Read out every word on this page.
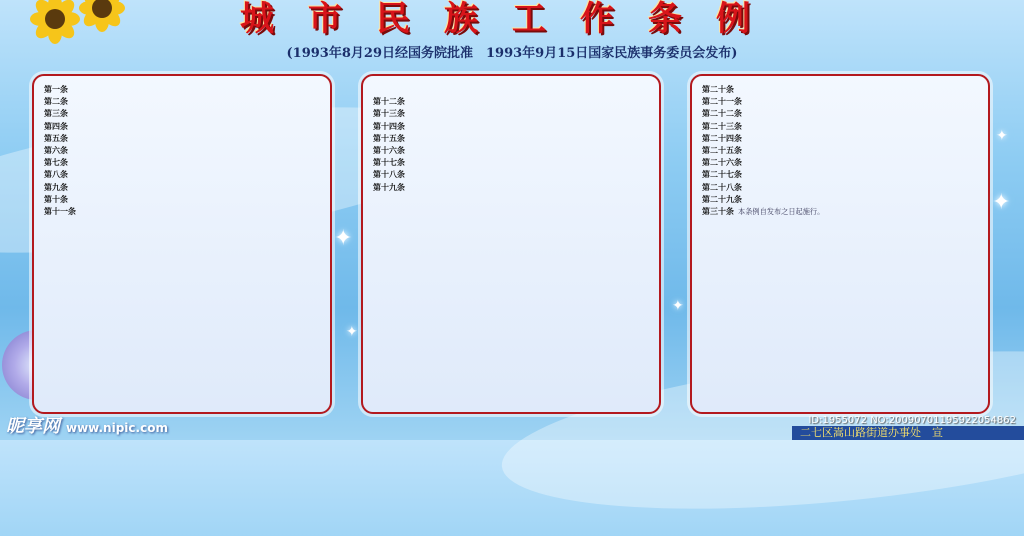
城市民族工作条例
(1993年8月29日经国务院批准　1993年9月15日国家民族事务委员会发布)

第一条

第二条

第三条

第四条

第五条

第六条

第七条

第八条

第九条

第十条

第十一条

第十二条

第十三条

第十四条

第十五条

第十六条

第十七条

第十八条

第十九条

第二十条

第二十一条

第二十二条

第二十三条

第二十四条

第二十五条

第二十六条

第二十七条

第二十八条

第二十九条

第三十条 本条例自发布之日起施行。

✦
✦
✦
✦
✦
昵享网 www.nipic.com
ID:1955072 NO:20090701195922054862
二七区嵩山路街道办事处　宣
